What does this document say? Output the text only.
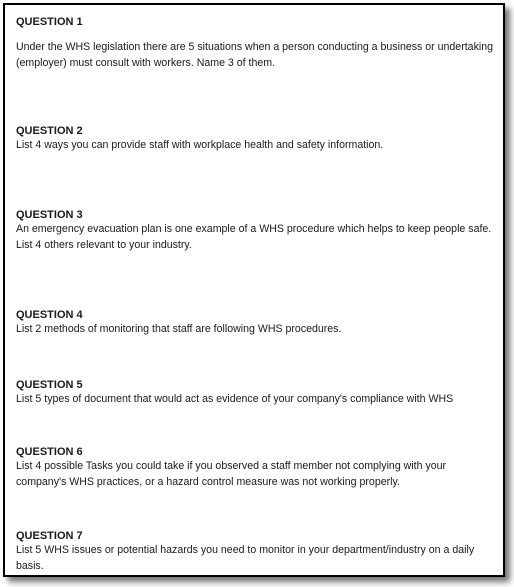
QUESTION 1

Under the WHS legislation there are 5 situations when a person conducting a business or undertaking (employer) must consult with workers. Name 3 of them.

QUESTION 2

List 4 ways you can provide staff with workplace health and safety information.

QUESTION 3

An emergency evacuation plan is one example of a WHS procedure which helps to keep people safe. List 4 others relevant to your industry.

QUESTION 4

List 2 methods of monitoring that staff are following WHS procedures.

QUESTION 5

List 5 types of document that would act as evidence of your company's compliance with WHS

QUESTION 6

List 4 possible Tasks you could take if you observed a staff member not complying with your company's WHS practices, or a hazard control measure was not working properly.

QUESTION 7

List 5 WHS issues or potential hazards you need to monitor in your department/industry on a daily basis.
